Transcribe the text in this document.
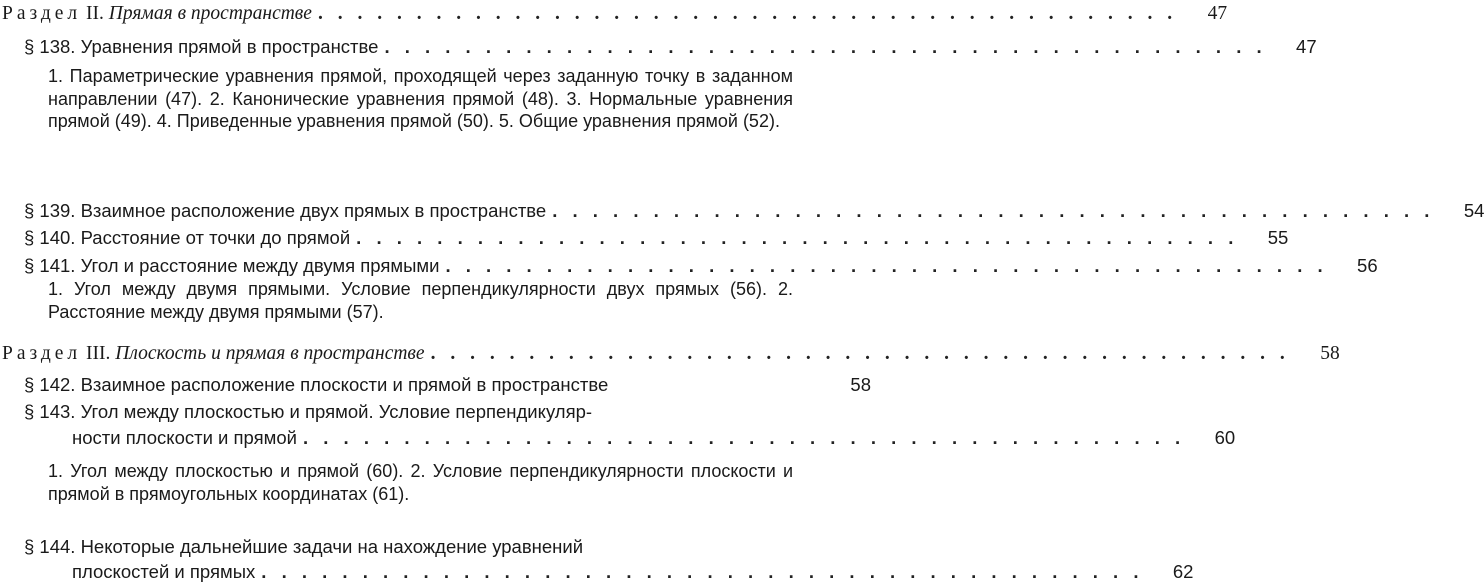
Раздел II. Прямая в пространстве . . . . . . . . . . . . . . . . . . . . . . . . . . . . . . . . . . . . . . . . . . . .	47
§ 138. Уравнения прямой в пространстве . . . . . . . . . . . . . . . . . . . . . . . . . . . . . . . . . . . . . . . . . . . .	47
1. Параметрические уравнения прямой, проходящей через заданную точку в заданном направлении (47). 2. Канонические уравнения прямой (48). 3. Нормальные уравнения прямой (49). 4. Приведенные уравнения прямой (50). 5. Общие уравнения прямой (52).
§ 139. Взаимное расположение двух прямых в пространстве . . . . . . . . . . . . . . . . . . . . . . . . . . . . . . . . . . . . . . . . . . . .	54
§ 140. Расстояние от точки до прямой . . . . . . . . . . . . . . . . . . . . . . . . . . . . . . . . . . . . . . . . . . . .	55
§ 141. Угол и расстояние между двумя прямыми . . . . . . . . . . . . . . . . . . . . . . . . . . . . . . . . . . . . . . . . . . . .	56
1. Угол между двумя прямыми. Условие перпендикулярности двух прямых (56). 2. Расстояние между двумя прямыми (57).
Раздел III. Плоскость и прямая в пространстве . . . . . . . . . . . . . . . . . . . . . . . . . . . . . . . . . . . . . . . . . . . .	58
§ 142. Взаимное расположение плоскости и прямой в пространстве	58
§ 143. Угол между плоскостью и прямой. Условие перпендикуляр-
ности плоскости и прямой . . . . . . . . . . . . . . . . . . . . . . . . . . . . . . . . . . . . . . . . . . . .	60
1. Угол между плоскостью и прямой (60). 2. Условие перпендикулярности плоскости и прямой в прямоугольных координатах (61).
§ 144. Некоторые дальнейшие задачи на нахождение уравнений
плоскостей и прямых . . . . . . . . . . . . . . . . . . . . . . . . . . . . . . . . . . . . . . . . . . . .	62
